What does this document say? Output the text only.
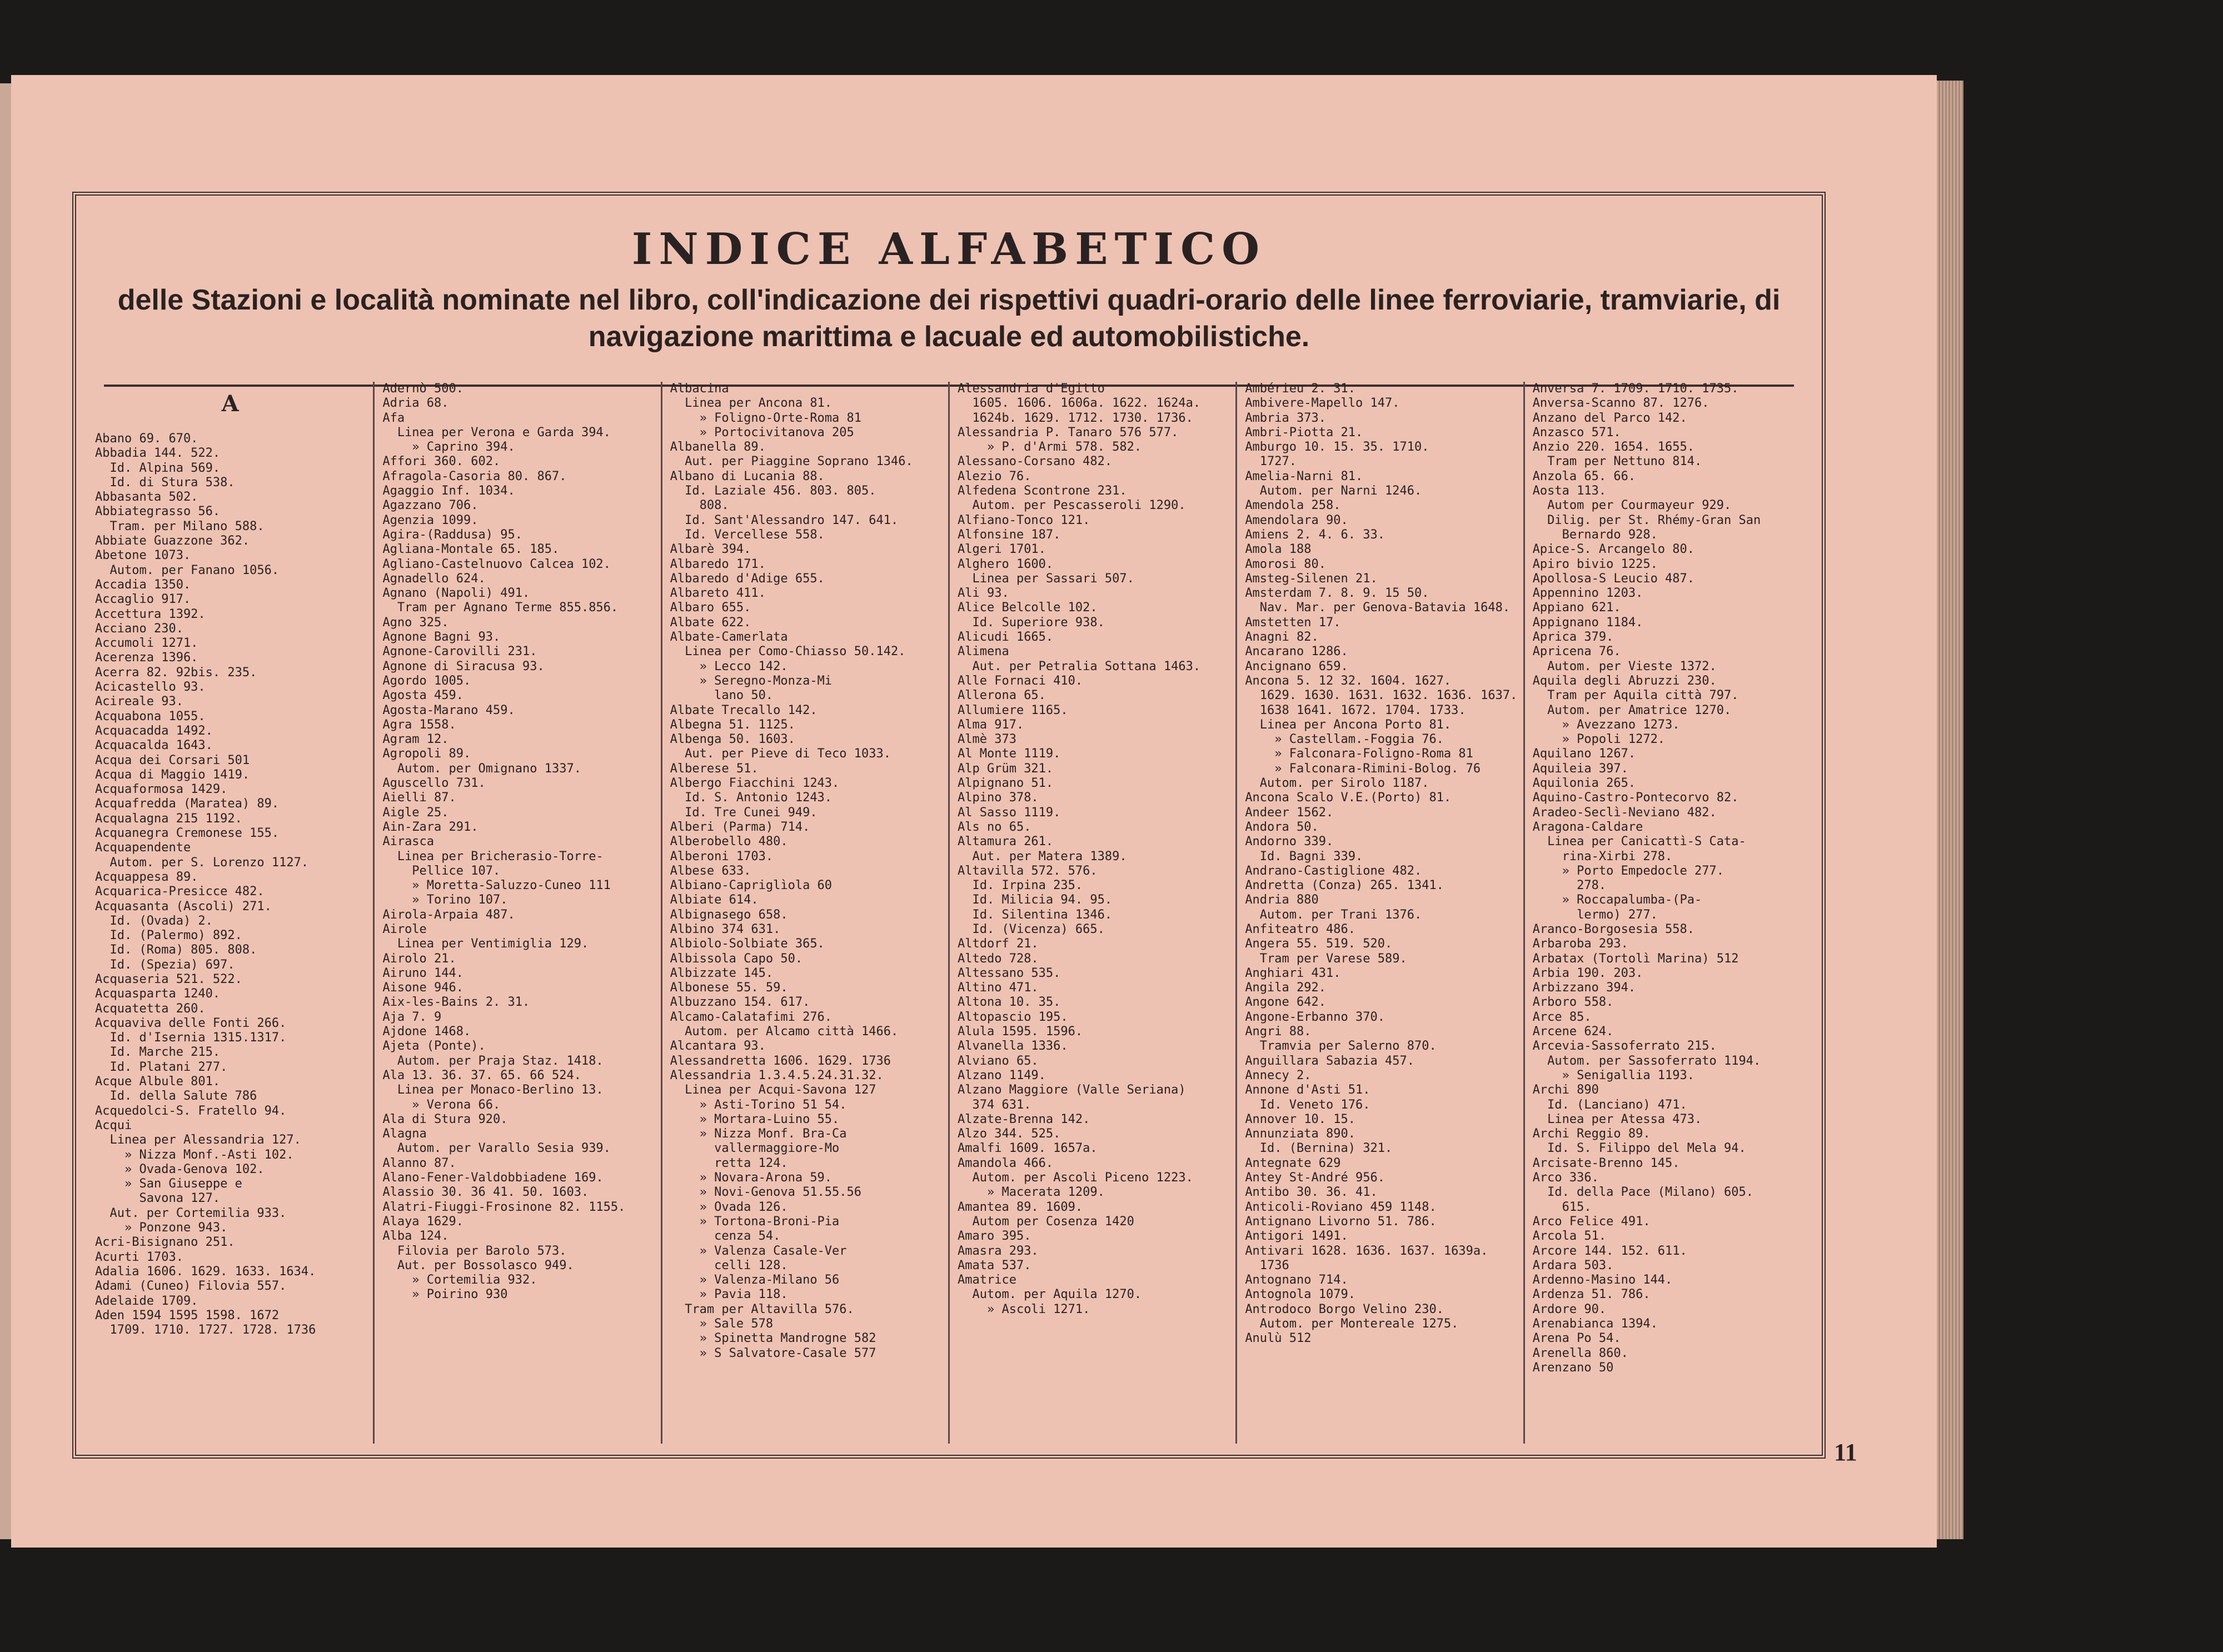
INDICE ALFABETICO
delle Stazioni e località nominate nel libro, coll'indicazione dei rispettivi quadri-orario delle linee ferroviarie, tramviarie, di navigazione marittima e lacuale ed automobilistiche.
A
Abano 69. 670.
Abbadia 144. 522.
Id. Alpina 569.
Id. di Stura 538.
Abbasanta 502.
Abbiategrasso 56.
Tram. per Milano 588.
Abbiate Guazzone 362.
Abetone 1073.
Autom. per Fanano 1056.
Accadia 1350.
Accaglio 917.
Accettura 1392.
Acciano 230.
Accumoli 1271.
Acerenza 1396.
Acerra 82. 92bis. 235.
Acicastello 93.
Acireale 93.
Acquabona 1055.
Acquacadda 1492.
Acquacalda 1643.
Acqua dei Corsari 501
Acqua di Maggio 1419.
Acquaformosa 1429.
Acquafredda (Maratea) 89.
Acqualagna 215 1192.
Acquanegra Cremonese 155.
Acquapendente
Autom. per S. Lorenzo 1127.
Acquappesa 89.
Acquarica-Presicce 482.
Acquasanta (Ascoli) 271.
Id. (Ovada) 2.
Id. (Palermo) 892.
Id. (Roma) 805. 808.
Id. (Spezia) 697.
Acquaseria 521. 522.
Acquasparta 1240.
Acquatetta 260.
Acquaviva delle Fonti 266.
Id. d'Isernia 1315.1317.
Id. Marche 215.
Id. Platani 277.
Acque Albule 801.
Id. della Salute 786
Acquedolci-S. Fratello 94.
Acqui
Linea per Alessandria 127.
» Nizza Monf.-Asti 102.
» Ovada-Genova 102.
» San Giuseppe e
Savona 127.
Aut. per Cortemilia 933.
» Ponzone 943.
Acri-Bisignano 251.
Acurti 1703.
Adalia 1606. 1629. 1633. 1634.
Adami (Cuneo) Filovia 557.
Adelaide 1709.
Aden 1594 1595 1598. 1672
1709. 1710. 1727. 1728. 1736
Adernò 500.
Adria 68.
Afa
Linea per Verona e Garda 394.
» Caprino 394.
Affori 360. 602.
Afragola-Casoria 80. 867.
Agaggio Inf. 1034.
Agazzano 706.
Agenzia 1099.
Agira-(Raddusa) 95.
Agliana-Montale 65. 185.
Agliano-Castelnuovo Calcea 102.
Agnadello 624.
Agnano (Napoli) 491.
Tram per Agnano Terme 855.856.
Agno 325.
Agnone Bagni 93.
Agnone-Carovilli 231.
Agnone di Siracusa 93.
Agordo 1005.
Agosta 459.
Agosta-Marano 459.
Agra 1558.
Agram 12.
Agropoli 89.
Autom. per Omignano 1337.
Aguscello 731.
Aielli 87.
Aigle 25.
Ain-Zara 291.
Airasca
Linea per Bricherasio-Torre-
Pellice 107.
» Moretta-Saluzzo-Cuneo 111
» Torino 107.
Airola-Arpaia 487.
Airole
Linea per Ventimiglia 129.
Airolo 21.
Airuno 144.
Aisone 946.
Aix-les-Bains 2. 31.
Aja 7. 9
Ajdone 1468.
Ajeta (Ponte).
Autom. per Praja Staz. 1418.
Ala 13. 36. 37. 65. 66 524.
Linea per Monaco-Berlino 13.
» Verona 66.
Ala di Stura 920.
Alagna
Autom. per Varallo Sesia 939.
Alanno 87.
Alano-Fener-Valdobbiadene 169.
Alassio 30. 36 41. 50. 1603.
Alatri-Fiuggi-Frosinone 82. 1155.
Alaya 1629.
Alba 124.
Filovia per Barolo 573.
Aut. per Bossolasco 949.
» Cortemilia 932.
» Poirino 930
Albacina
Linea per Ancona 81.
» Foligno-Orte-Roma 81
» Portocivitanova 205
Albanella 89.
Aut. per Piaggine Soprano 1346.
Albano di Lucania 88.
Id. Laziale 456. 803. 805.
808.
Id. Sant'Alessandro 147. 641.
Id. Vercellese 558.
Albarè 394.
Albaredo 171.
Albaredo d'Adige 655.
Albareto 411.
Albaro 655.
Albate 622.
Albate-Camerlata
Linea per Como-Chiasso 50.142.
» Lecco 142.
» Seregno-Monza-Mi
lano 50.
Albate Trecallo 142.
Albegna 51. 1125.
Albenga 50. 1603.
Aut. per Pieve di Teco 1033.
Alberese 51.
Albergo Fiacchini 1243.
Id. S. Antonio 1243.
Id. Tre Cunei 949.
Alberi (Parma) 714.
Alberobello 480.
Alberoni 1703.
Albese 633.
Albiano-Capriglìola 60
Albiate 614.
Albignasego 658.
Albino 374 631.
Albiolo-Solbiate 365.
Albissola Capo 50.
Albizzate 145.
Albonese 55. 59.
Albuzzano 154. 617.
Alcamo-Calatafimi 276.
Autom. per Alcamo città 1466.
Alcantara 93.
Alessandretta 1606. 1629. 1736
Alessandria 1.3.4.5.24.31.32.
Linea per Acqui-Savona 127
» Asti-Torino 51 54.
» Mortara-Luino 55.
» Nizza Monf. Bra-Ca
vallermaggiore-Mo
retta 124.
» Novara-Arona 59.
» Novi-Genova 51.55.56
» Ovada 126.
» Tortona-Broni-Pia
cenza 54.
» Valenza Casale-Ver
celli 128.
» Valenza-Milano 56
» Pavia 118.
Tram per Altavilla 576.
» Sale 578
» Spinetta Mandrogne 582
» S Salvatore-Casale 577
Alessandria d'Egitto
1605. 1606. 1606a. 1622. 1624a.
1624b. 1629. 1712. 1730. 1736.
Alessandria P. Tanaro 576 577.
» P. d'Armi 578. 582.
Alessano-Corsano 482.
Alezio 76.
Alfedena Scontrone 231.
Autom. per Pescasseroli 1290.
Alfiano-Tonco 121.
Alfonsine 187.
Algeri 1701.
Alghero 1600.
Linea per Sassari 507.
Ali 93.
Alice Belcolle 102.
Id. Superiore 938.
Alicudi 1665.
Alimena
Aut. per Petralia Sottana 1463.
Alle Fornaci 410.
Allerona 65.
Allumiere 1165.
Alma 917.
Almè 373
Al Monte 1119.
Alp Grüm 321.
Alpignano 51.
Alpino 378.
Al Sasso 1119.
Als no 65.
Altamura 261.
Aut. per Matera 1389.
Altavilla 572. 576.
Id. Irpina 235.
Id. Milicia 94. 95.
Id. Silentina 1346.
Id. (Vicenza) 665.
Altdorf 21.
Altedo 728.
Altessano 535.
Altino 471.
Altona 10. 35.
Altopascio 195.
Alula 1595. 1596.
Alvanella 1336.
Alviano 65.
Alzano 1149.
Alzano Maggiore (Valle Seriana)
374 631.
Alzate-Brenna 142.
Alzo 344. 525.
Amalfi 1609. 1657a.
Amandola 466.
Autom. per Ascoli Piceno 1223.
» Macerata 1209.
Amantea 89. 1609.
Autom per Cosenza 1420
Amaro 395.
Amasra 293.
Amata 537.
Amatrice
Autom. per Aquila 1270.
» Ascoli 1271.
Ambérieu 2. 31.
Ambivere-Mapello 147.
Ambria 373.
Ambri-Piotta 21.
Amburgo 10. 15. 35. 1710.
1727.
Amelia-Narni 81.
Autom. per Narni 1246.
Amendola 258.
Amendolara 90.
Amiens 2. 4. 6. 33.
Amola 188
Amorosi 80.
Amsteg-Silenen 21.
Amsterdam 7. 8. 9. 15 50.
Nav. Mar. per Genova-Batavia 1648.
Amstetten 17.
Anagni 82.
Ancarano 1286.
Ancignano 659.
Ancona 5. 12 32. 1604. 1627.
1629. 1630. 1631. 1632. 1636. 1637.
1638 1641. 1672. 1704. 1733.
Linea per Ancona Porto 81.
» Castellam.-Foggia 76.
» Falconara-Foligno-Roma 81
» Falconara-Rimini-Bolog. 76
Autom. per Sirolo 1187.
Ancona Scalo V.E.(Porto) 81.
Andeer 1562.
Andora 50.
Andorno 339.
Id. Bagni 339.
Andrano-Castiglione 482.
Andretta (Conza) 265. 1341.
Andria 880
Autom. per Trani 1376.
Anfiteatro 486.
Angera 55. 519. 520.
Tram per Varese 589.
Anghiari 431.
Angila 292.
Angone 642.
Angone-Erbanno 370.
Angri 88.
Tramvia per Salerno 870.
Anguillara Sabazia 457.
Annecy 2.
Annone d'Asti 51.
Id. Veneto 176.
Annover 10. 15.
Annunziata 890.
Id. (Bernina) 321.
Antegnate 629
Antey St-André 956.
Antibo 30. 36. 41.
Anticoli-Roviano 459 1148.
Antignano Livorno 51. 786.
Antigori 1491.
Antivari 1628. 1636. 1637. 1639a.
1736
Antognano 714.
Antognola 1079.
Antrodoco Borgo Velino 230.
Autom. per Montereale 1275.
Anulù 512
Anversa 7. 1709. 1710. 1735.
Anversa-Scanno 87. 1276.
Anzano del Parco 142.
Anzasco 571.
Anzio 220. 1654. 1655.
Tram per Nettuno 814.
Anzola 65. 66.
Aosta 113.
Autom per Courmayeur 929.
Dilig. per St. Rhémy-Gran San
Bernardo 928.
Apice-S. Arcangelo 80.
Apiro bivio 1225.
Apollosa-S Leucio 487.
Appennino 1203.
Appiano 621.
Appignano 1184.
Aprica 379.
Apricena 76.
Autom. per Vieste 1372.
Aquila degli Abruzzi 230.
Tram per Aquila città 797.
Autom. per Amatrice 1270.
» Avezzano 1273.
» Popoli 1272.
Aquilano 1267.
Aquileia 397.
Aquilonia 265.
Aquino-Castro-Pontecorvo 82.
Aradeo-Seclì-Neviano 482.
Aragona-Caldare
Linea per Canicattì-S Cata-
rina-Xirbi 278.
» Porto Empedocle 277.
278.
» Roccapalumba-(Pa-
lermo) 277.
Aranco-Borgosesia 558.
Arbaroba 293.
Arbatax (Tortolì Marina) 512
Arbia 190. 203.
Arbizzano 394.
Arboro 558.
Arce 85.
Arcene 624.
Arcevia-Sassoferrato 215.
Autom. per Sassoferrato 1194.
» Senigallia 1193.
Archi 890
Id. (Lanciano) 471.
Linea per Atessa 473.
Archi Reggio 89.
Id. S. Filippo del Mela 94.
Arcisate-Brenno 145.
Arco 336.
Id. della Pace (Milano) 605.
615.
Arco Felice 491.
Arcola 51.
Arcore 144. 152. 611.
Ardara 503.
Ardenno-Masino 144.
Ardenza 51. 786.
Ardore 90.
Arenabianca 1394.
Arena Po 54.
Arenella 860.
Arenzano 50
11
